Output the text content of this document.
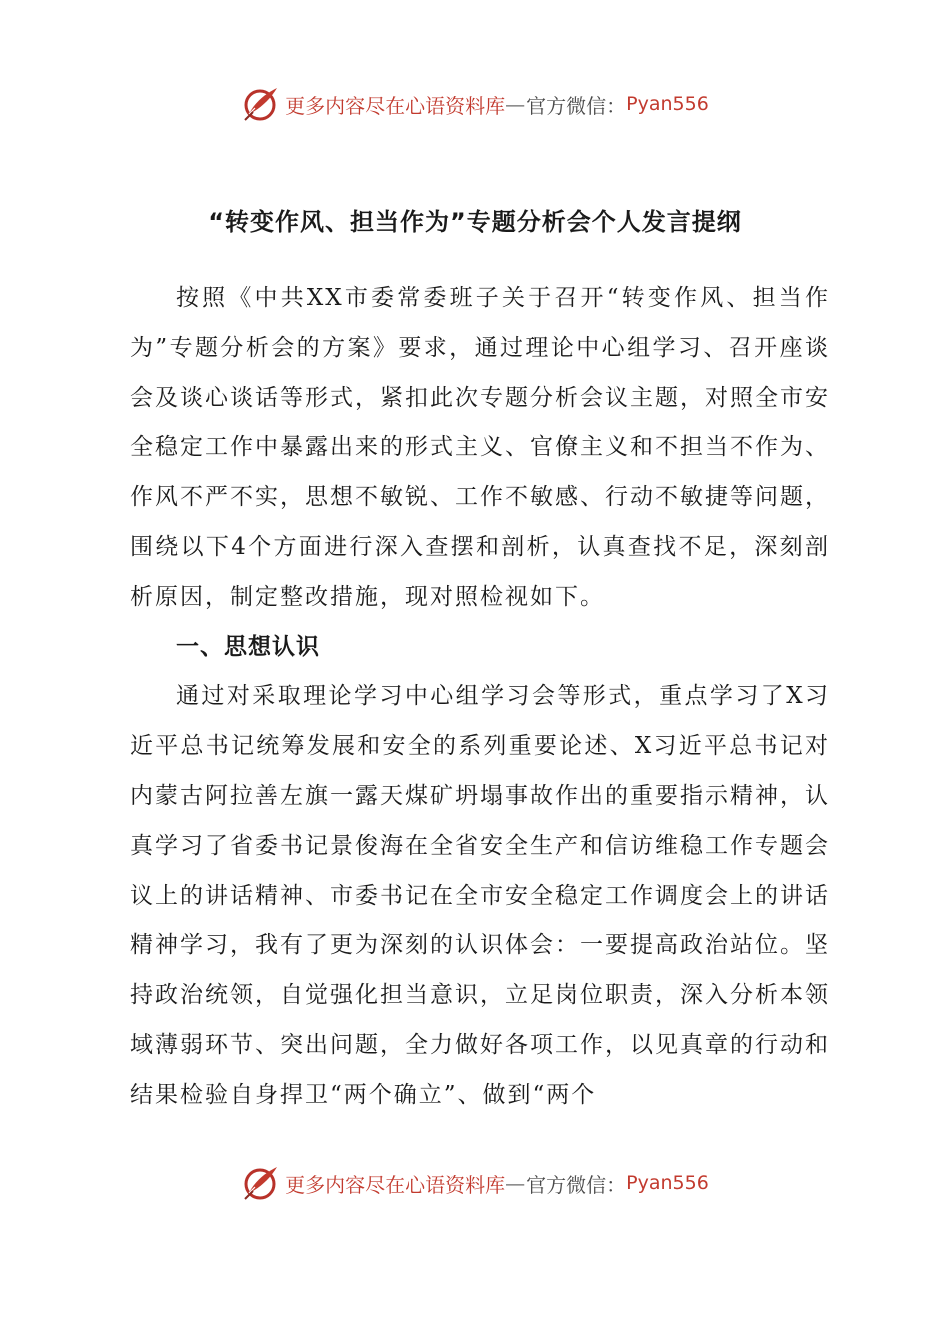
更多内容尽在心语资料库 — 官方微信： Pyan556
“转变作风、担当作为”专题分析会个人发言提纲

按照《中共XX市委常委班子关于召开“转变作风、担当作为”专题分析会的方案》要求，通过理论中心组学习、召开座谈会及谈心谈话等形式，紧扣此次专题分析会议主题，对照全市安全稳定工作中暴露出来的形式主义、官僚主义和不担当不作为、作风不严不实，思想不敏锐、工作不敏感、行动不敏捷等问题，围绕以下4个方面进行深入查摆和剖析，认真查找不足，深刻剖析原因，制定整改措施，现对照检视如下。

一、思想认识

通过对采取理论学习中心组学习会等形式，重点学习了X习近平总书记统筹发展和安全的系列重要论述、X习近平总书记对内蒙古阿拉善左旗一露天煤矿坍塌事故作出的重要指示精神，认真学习了省委书记景俊海在全省安全生产和信访维稳工作专题会议上的讲话精神、市委书记在全市安全稳定工作调度会上的讲话精神学习，我有了更为深刻的认识体会：一要提高政治站位。坚持政治统领，自觉强化担当意识，立足岗位职责，深入分析本领域薄弱环节、突出问题，全力做好各项工作，以见真章的行动和结果检验自身捍卫“两个确立”、做到“两个

更多内容尽在心语资料库 — 官方微信： Pyan556
